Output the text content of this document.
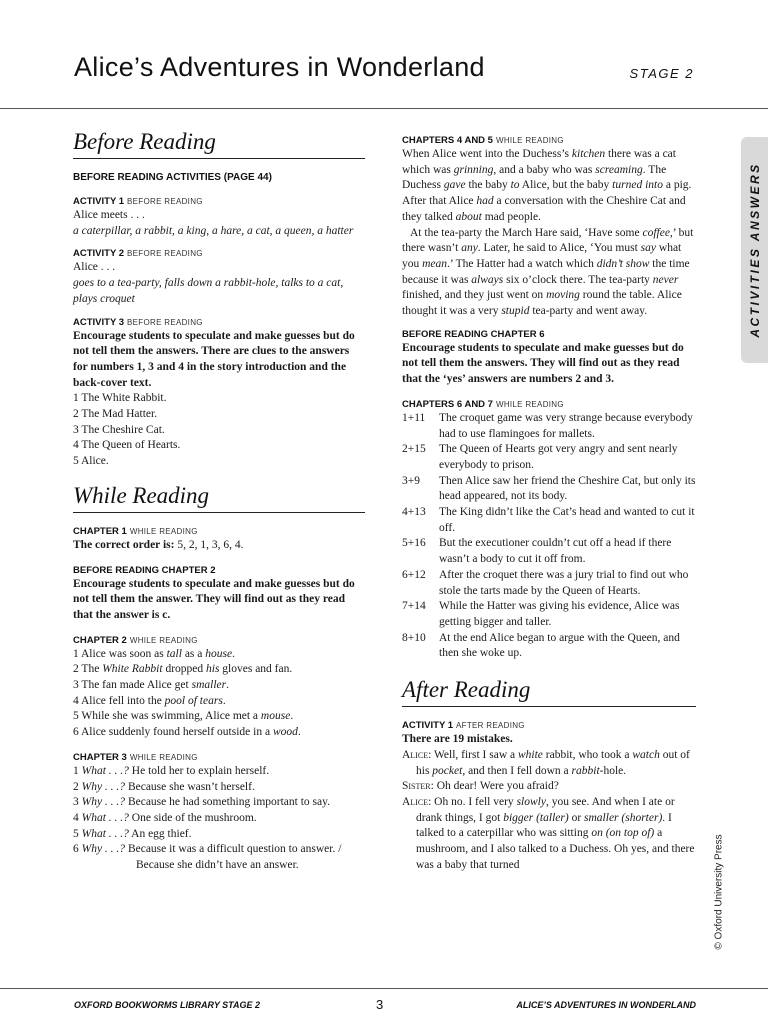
Alice’s Adventures in Wonderland	STAGE 2
ACTIVITIES ANSWERS
© Oxford University Press
Before Reading
BEFORE READING ACTIVITIES (PAGE 44)
ACTIVITY 1 BEFORE READING
Alice meets . . .
a caterpillar, a rabbit, a king, a hare, a cat, a queen, a hatter
ACTIVITY 2 BEFORE READING
Alice . . .
goes to a tea-party, falls down a rabbit-hole, talks to a cat, plays croquet
ACTIVITY 3 BEFORE READING
Encourage students to speculate and make guesses but do not tell them the answers. There are clues to the answers for numbers 1, 3 and 4 in the story introduction and the back-cover text.
1 The White Rabbit.
2 The Mad Hatter.
3 The Cheshire Cat.
4 The Queen of Hearts.
5 Alice.
While Reading
CHAPTER 1 WHILE READING
The correct order is: 5, 2, 1, 3, 6, 4.
BEFORE READING CHAPTER 2
Encourage students to speculate and make guesses but do not tell them the answer. They will find out as they read that the answer is c.
CHAPTER 2 WHILE READING
1 Alice was soon as tall as a house.
2 The White Rabbit dropped his gloves and fan.
3 The fan made Alice get smaller.
4 Alice fell into the pool of tears.
5 While she was swimming, Alice met a mouse.
6 Alice suddenly found herself outside in a wood.
CHAPTER 3 WHILE READING
1 What . . .? He told her to explain herself.
2 Why . . .? Because she wasn’t herself.
3 Why . . .? Because he had something important to say.
4 What . . .? One side of the mushroom.
5 What . . .? An egg thief.
6 Why . . .? Because it was a difficult question to answer. / Because she didn’t have an answer.
CHAPTERS 4 AND 5 WHILE READING
When Alice went into the Duchess’s kitchen there was a cat which was grinning, and a baby who was screaming. The Duchess gave the baby to Alice, but the baby turned into a pig. After that Alice had a conversation with the Cheshire Cat and they talked about mad people.
At the tea-party the March Hare said, ‘Have some coffee,’ but there wasn’t any. Later, he said to Alice, ‘You must say what you mean.’ The Hatter had a watch which didn’t show the time because it was always six o’clock there. The tea-party never finished, and they just went on moving round the table. Alice thought it was a very stupid tea-party and went away.
BEFORE READING CHAPTER 6
Encourage students to speculate and make guesses but do not tell them the answers. They will find out as they read that the ‘yes’ answers are numbers 2 and 3.
CHAPTERS 6 AND 7 WHILE READING
1+11 The croquet game was very strange because everybody had to use flamingoes for mallets.
2+15 The Queen of Hearts got very angry and sent nearly everybody to prison.
3+9 Then Alice saw her friend the Cheshire Cat, but only its head appeared, not its body.
4+13 The King didn’t like the Cat’s head and wanted to cut it off.
5+16 But the executioner couldn’t cut off a head if there wasn’t a body to cut it off from.
6+12 After the croquet there was a jury trial to find out who stole the tarts made by the Queen of Hearts.
7+14 While the Hatter was giving his evidence, Alice was getting bigger and taller.
8+10 At the end Alice began to argue with the Queen, and then she woke up.
After Reading
ACTIVITY 1 AFTER READING
There are 19 mistakes.
Alice: Well, first I saw a white rabbit, who took a watch out of his pocket, and then I fell down a rabbit-hole.
Sister: Oh dear! Were you afraid?
Alice: Oh no. I fell very slowly, you see. And when I ate or drank things, I got bigger (taller) or smaller (shorter). I talked to a caterpillar who was sitting on (on top of) a mushroom, and I also talked to a Duchess. Oh yes, and there was a baby that turned
OXFORD BOOKWORMS LIBRARY STAGE 2	3	ALICE’S ADVENTURES IN WONDERLAND
